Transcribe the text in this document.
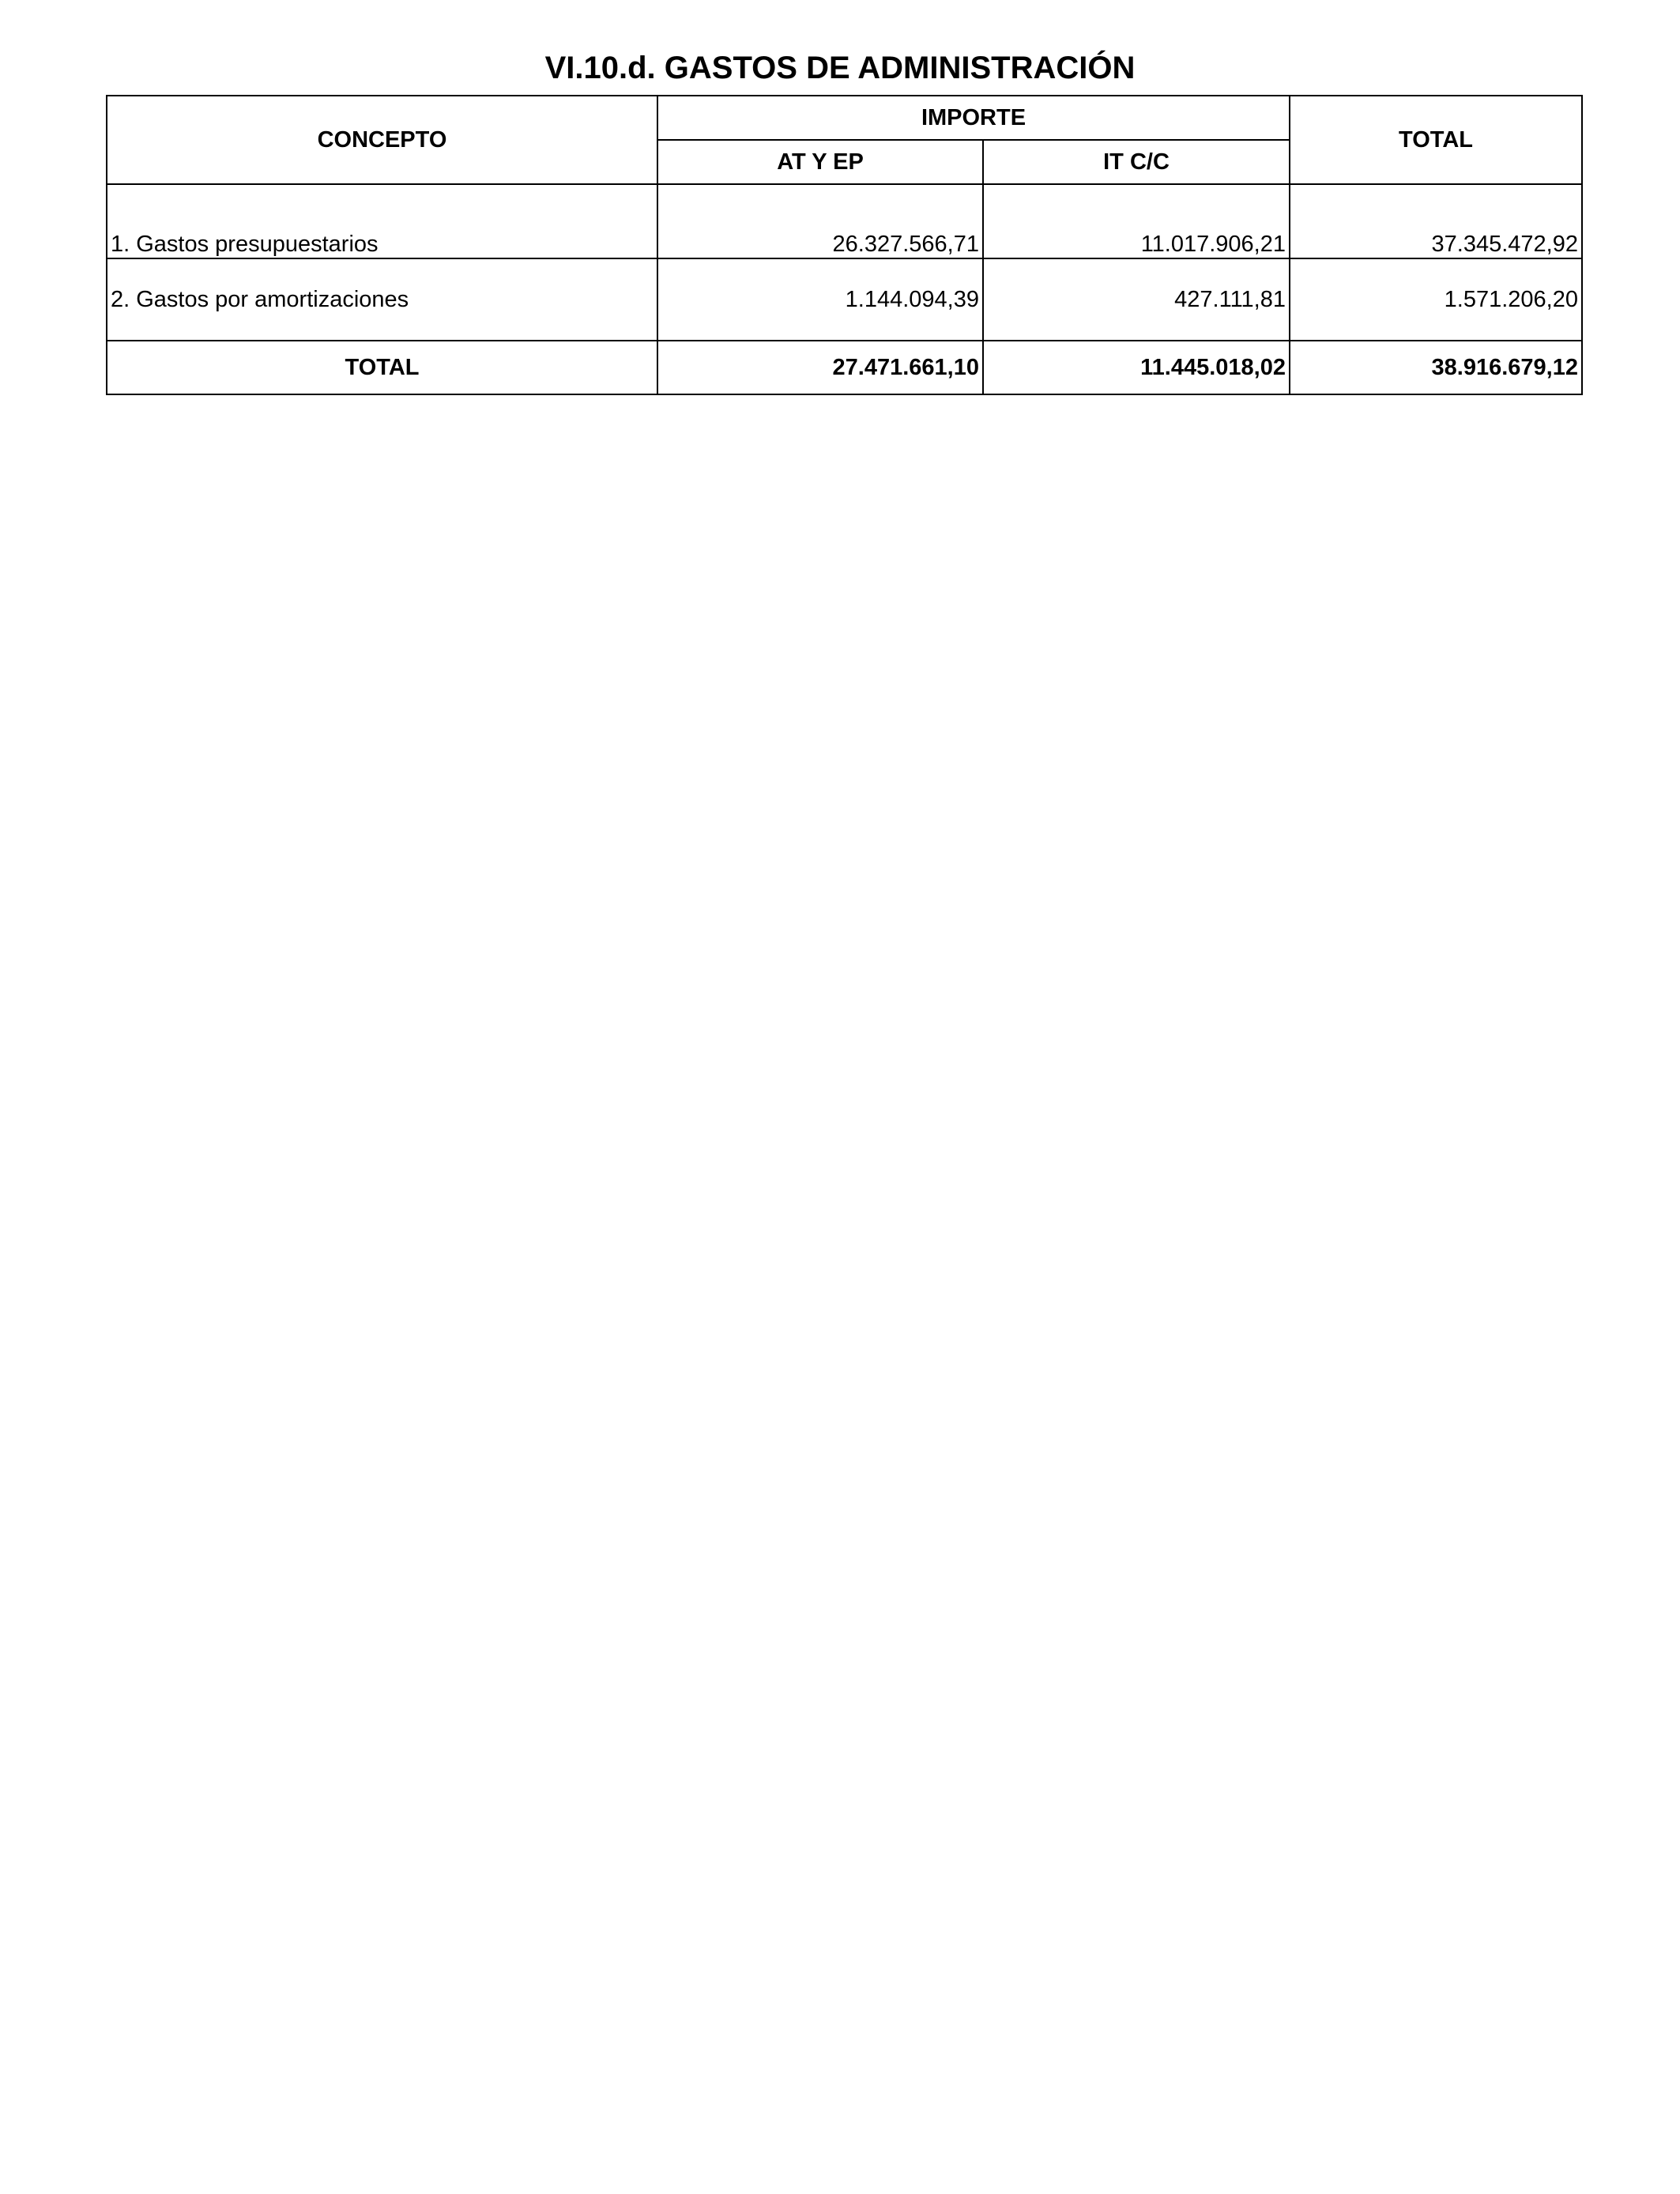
VI.10.d. GASTOS DE ADMINISTRACIÓN
CONCEPTO	IMPORTE		TOTAL
	AT Y EP	IT C/C	
1. Gastos presupuestarios	26.327.566,71	11.017.906,21	37.345.472,92
2. Gastos por amortizaciones	1.144.094,39	427.111,81	1.571.206,20
TOTAL	27.471.661,10	11.445.018,02	38.916.679,12
